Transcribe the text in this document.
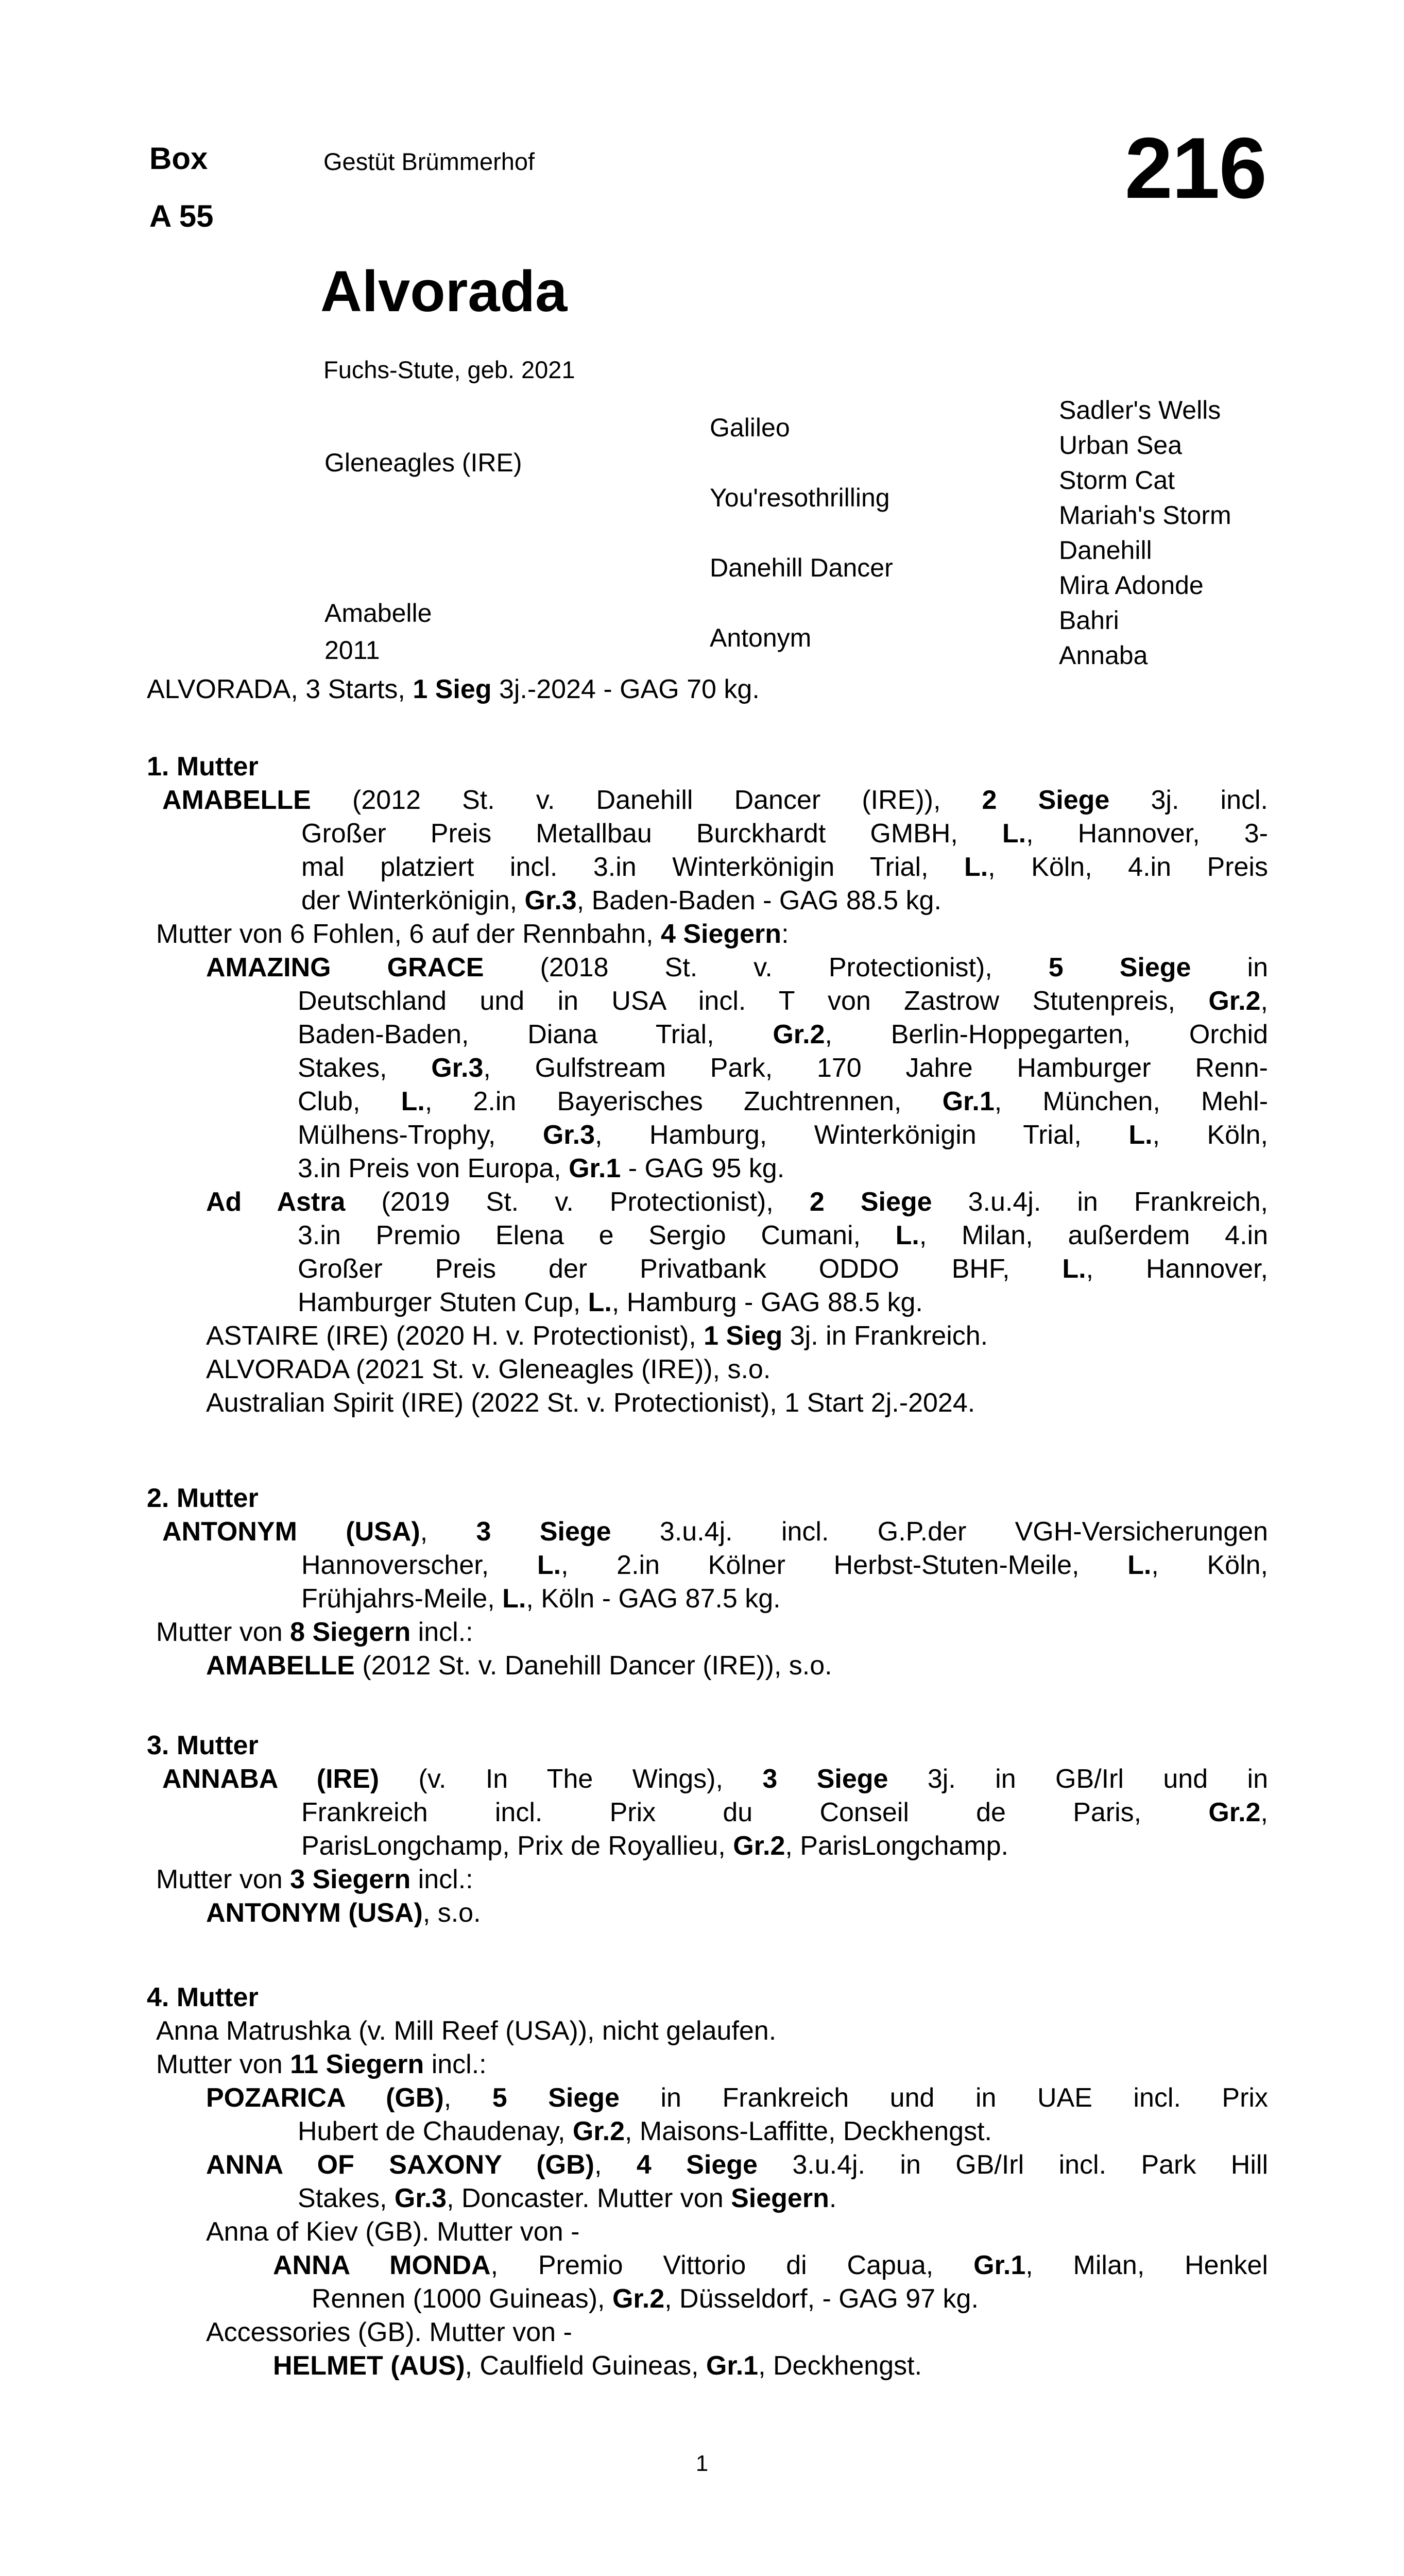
Box
A 55
Gestüt Brümmerhof	216
Alvorada
Fuchs-Stute, geb. 2021
Gleneagles (IRE)
Amabelle
2011
Galileo
You'resothrilling
Danehill Dancer
Antonym
Sadler's Wells
Urban Sea
Storm Cat
Mariah's Storm
Danehill
Mira Adonde
Bahri
Annaba
ALVORADA, 3 Starts, 1 Sieg 3j.-2024 - GAG 70 kg.
1. Mutter
AMABELLE (2012 St. v. Danehill Dancer (IRE)), 2 Siege 3j. incl.
Großer Preis Metallbau Burckhardt GMBH, L., Hannover, 3-
mal platziert incl. 3.in Winterkönigin Trial, L., Köln, 4.in Preis
der Winterkönigin, Gr.3, Baden-Baden - GAG 88.5 kg.
Mutter von 6 Fohlen, 6 auf der Rennbahn, 4 Siegern:
AMAZING GRACE (2018 St. v. Protectionist), 5 Siege in
Deutschland und in USA incl. T von Zastrow Stutenpreis, Gr.2,
Baden-Baden, Diana Trial, Gr.2, Berlin-Hoppegarten, Orchid
Stakes, Gr.3, Gulfstream Park, 170 Jahre Hamburger Renn-
Club, L., 2.in Bayerisches Zuchtrennen, Gr.1, München, Mehl-
Mülhens-Trophy, Gr.3, Hamburg, Winterkönigin Trial, L., Köln,
3.in Preis von Europa, Gr.1 - GAG 95 kg.
Ad Astra (2019 St. v. Protectionist), 2 Siege 3.u.4j. in Frankreich,
3.in Premio Elena e Sergio Cumani, L., Milan, außerdem 4.in
Großer Preis der Privatbank ODDO BHF, L., Hannover,
Hamburger Stuten Cup, L., Hamburg - GAG 88.5 kg.
ASTAIRE (IRE) (2020 H. v. Protectionist), 1 Sieg 3j. in Frankreich.
ALVORADA (2021 St. v. Gleneagles (IRE)), s.o.
Australian Spirit (IRE) (2022 St. v. Protectionist), 1 Start 2j.-2024.
2. Mutter
ANTONYM (USA), 3 Siege 3.u.4j. incl. G.P.der VGH-Versicherungen
Hannoverscher, L., 2.in Kölner Herbst-Stuten-Meile, L., Köln,
Frühjahrs-Meile, L., Köln - GAG 87.5 kg.
Mutter von 8 Siegern incl.:
AMABELLE (2012 St. v. Danehill Dancer (IRE)), s.o.
3. Mutter
ANNABA (IRE) (v. In The Wings), 3 Siege 3j. in GB/Irl und in
Frankreich incl. Prix du Conseil de Paris, Gr.2,
ParisLongchamp, Prix de Royallieu, Gr.2, ParisLongchamp.
Mutter von 3 Siegern incl.:
ANTONYM (USA), s.o.
4. Mutter
Anna Matrushka (v. Mill Reef (USA)), nicht gelaufen.
Mutter von 11 Siegern incl.:
POZARICA (GB), 5 Siege in Frankreich und in UAE incl. Prix
Hubert de Chaudenay, Gr.2, Maisons-Laffitte, Deckhengst.
ANNA OF SAXONY (GB), 4 Siege 3.u.4j. in GB/Irl incl. Park Hill
Stakes, Gr.3, Doncaster. Mutter von Siegern.
Anna of Kiev (GB). Mutter von -
ANNA MONDA, Premio Vittorio di Capua, Gr.1, Milan, Henkel
Rennen (1000 Guineas), Gr.2, Düsseldorf, - GAG 97 kg.
Accessories (GB). Mutter von -
HELMET (AUS), Caulfield Guineas, Gr.1, Deckhengst.
1
